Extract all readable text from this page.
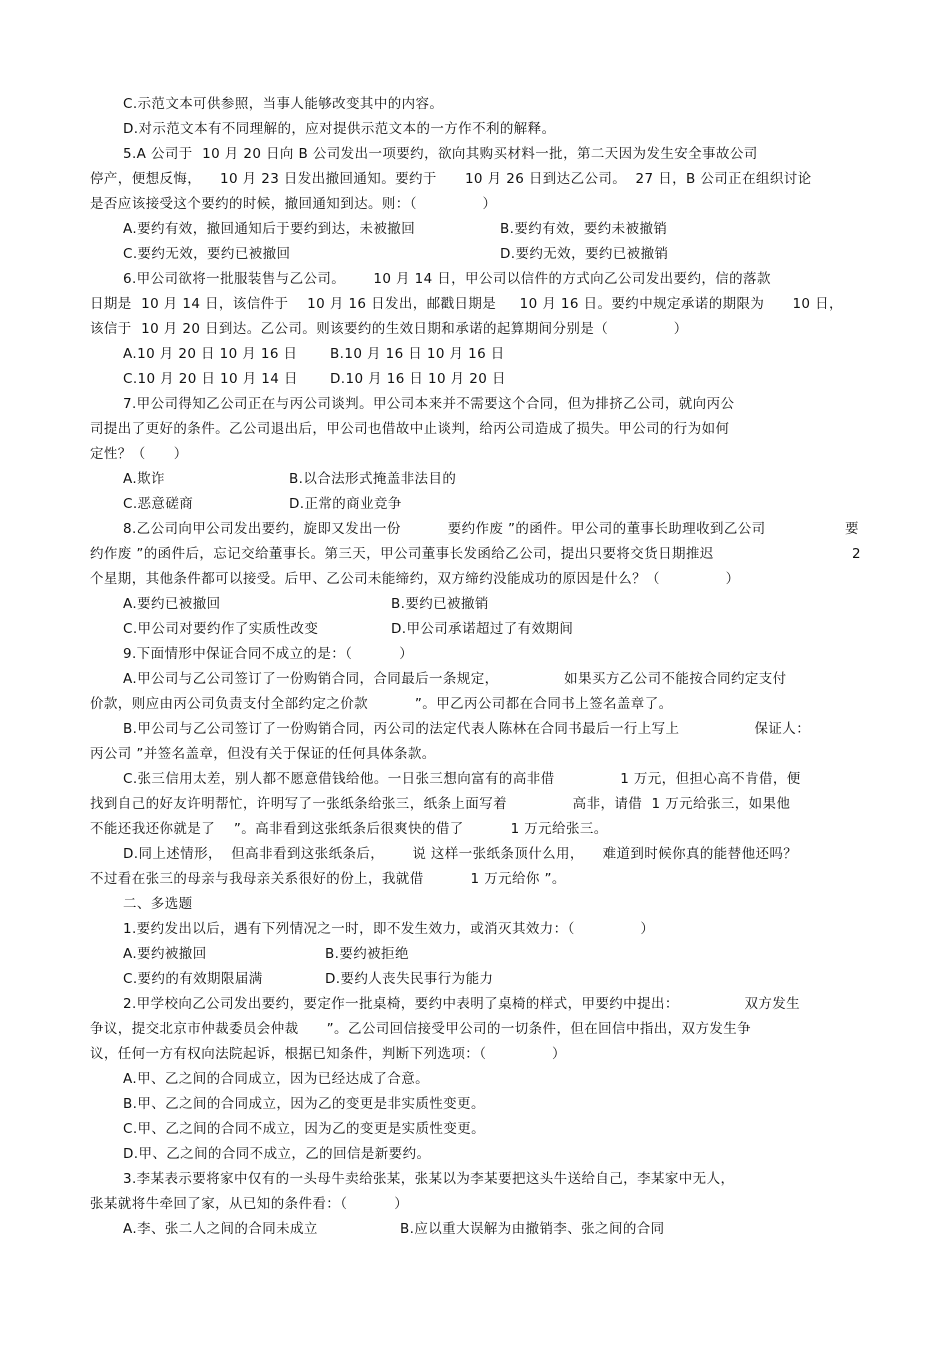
C.示范文本可供参照，当事人能够改变其中的内容。
D.对示范文本有不同理解的，应对提供示范文本的一方作不利的解释。
5.A 公司于  10 月 20 日向 B 公司发出一项要约，欲向其购买材料一批，第二天因为发生安全事故公司
停产，便想反悔，    10 月 23 日发出撤回通知。要约于      10 月 26 日到达乙公司。  27 日，B 公司正在组织讨论
是否应该接受这个要约的时候，撤回通知到达。则：（              ）
A.要约有效，撤回通知后于要约到达，未被撤回	B.要约有效，要约未被撤销
C.要约无效，要约已被撤回	D.要约无效，要约已被撤销
6.甲公司欲将一批服装售与乙公司。      10 月 14 日，甲公司以信件的方式向乙公司发出要约，信的落款
日期是  10 月 14 日，该信件于    10 月 16 日发出，邮戳日期是     10 月 16 日。要约中规定承诺的期限为      10 日，
该信于  10 月 20 日到达。乙公司。则该要约的生效日期和承诺的起算期间分别是（              ）
A.10 月 20 日 10 月 16 日 B.10 月 16 日 10 月 16 日
C.10 月 20 日 10 月 14 日 D.10 月 16 日 10 月 20 日
7.甲公司得知乙公司正在与丙公司谈判。甲公司本来并不需要这个合同，但为排挤乙公司，就向丙公
司提出了更好的条件。乙公司退出后，甲公司也借故中止谈判，给丙公司造成了损失。甲公司的行为如何
定性？（      ）
A.欺诈	B.以合法形式掩盖非法目的
C.恶意磋商	D.正常的商业竞争
8.乙公司向甲公司发出要约，旋即又发出一份          要约作废 ”的函件。甲公司的董事长助理收到乙公司	要
约作废 ”的函件后，忘记交给董事长。第三天，甲公司董事长发函给乙公司，提出只要将交货日期推迟	2
个星期，其他条件都可以接受。后甲、乙公司未能缔约，双方缔约没能成功的原因是什么？（              ）
A.要约已被撤回	B.要约已被撤销
C.甲公司对要约作了实质性改变	D.甲公司承诺超过了有效期间
9.下面情形中保证合同不成立的是：（          ）
A.甲公司与乙公司签订了一份购销合同，合同最后一条规定，              如果买方乙公司不能按合同约定支付
价款，则应由丙公司负责支付全部约定之价款          ”。甲乙丙公司都在合同书上签名盖章了。
B.甲公司与乙公司签订了一份购销合同，丙公司的法定代表人陈林在合同书最后一行上写上                保证人：
丙公司 ”并签名盖章，但没有关于保证的任何具体条款。
C.张三信用太差，别人都不愿意借钱给他。一日张三想向富有的高非借              1 万元，但担心高不肯借，便
找到自己的好友许明帮忙，许明写了一张纸条给张三，纸条上面写着              高非，请借  1 万元给张三，如果他
不能还我还你就是了    ”。高非看到这张纸条后很爽快的借了          1 万元给张三。
D.同上述情形，  但高非看到这张纸条后，      说 这样一张纸条顶什么用，    难道到时候你真的能替他还吗？
不过看在张三的母亲与我母亲关系很好的份上，我就借          1 万元给你 ”。
二、多选题
1.要约发出以后，遇有下列情况之一时，即不发生效力，或消灭其效力：（              ）
A.要约被撤回	B.要约被拒绝
C.要约的有效期限届满	D.要约人丧失民事行为能力
2.甲学校向乙公司发出要约，要定作一批桌椅，要约中表明了桌椅的样式，甲要约中提出：              双方发生
争议，提交北京市仲裁委员会仲裁      ”。乙公司回信接受甲公司的一切条件，但在回信中指出，双方发生争
议，任何一方有权向法院起诉，根据已知条件，判断下列选项：（              ）
A.甲、乙之间的合同成立，因为已经达成了合意。
B.甲、乙之间的合同成立，因为乙的变更是非实质性变更。
C.甲、乙之间的合同不成立，因为乙的变更是实质性变更。
D.甲、乙之间的合同不成立，乙的回信是新要约。
3.李某表示要将家中仅有的一头母牛卖给张某，张某以为李某要把这头牛送给自己，李某家中无人，
张某就将牛牵回了家，从已知的条件看：（          ）
A.李、张二人之间的合同未成立	B.应以重大误解为由撤销李、张之间的合同
